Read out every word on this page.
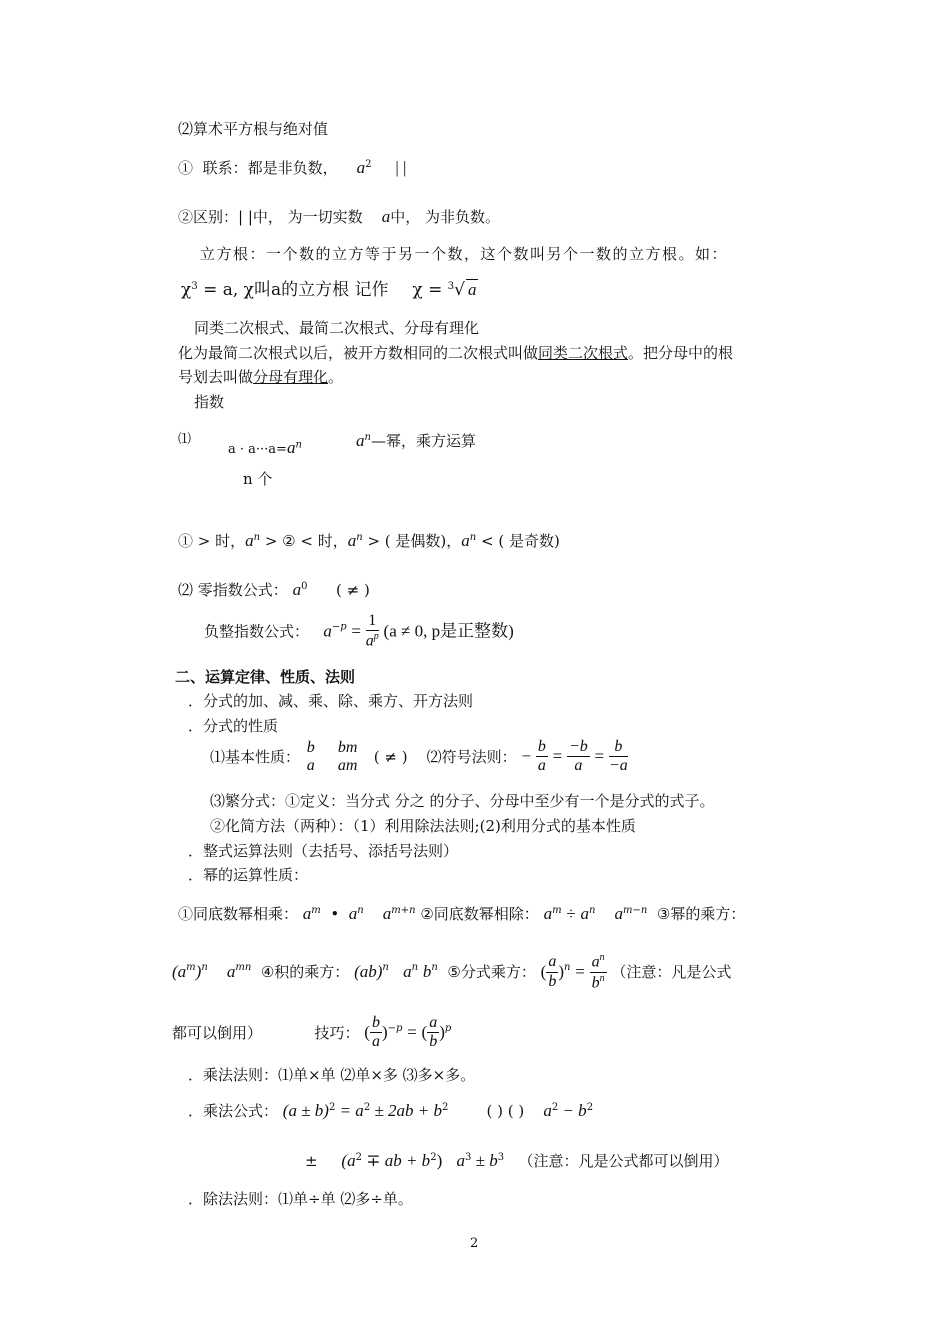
⑵算术平方根与绝对值
① 联系：都是非负数， $a^2$ | |
②区别：| |中， 为一切实数 a中， 为非负数。
立方根：一个数的立方等于另一个数，这个数叫另个一数的立方根。如：
$\chi^3 = a$, χ叫a的立方根 记作 χ = $^3$√ a
同类二次根式、最简二次根式、分母有理化
化为最简二次根式以后，被开方数相同的二次根式叫做同类二次根式。把分母中的根
号划去叫做分母有理化。
指数
⑴
$a \cdot a\cdot\cdot\cdot a=a^n$	$a^n—$幂，乘方运算
n 个
① > 时，$a^n$ > ② < 时，$a^n$ > ( 是偶数)，$a^n$ < ( 是奇数)
⑵ 零指数公式： $a^0$ ( ≠ )
负整指数公式： $a^{-p} = \frac{1}{a^p} (a \ne 0$, p是正整数)
二、运算定律、性质、法则
．分式的加、减、乘、除、乘方、开方法则
．分式的性质
⑴基本性质：
b
a

bm
am ( ≠ ) ⑵符号法则： − $\frac{b}{a} = \frac{-b}{a} = \frac{b}{-a}$
⑶繁分式：①定义：当分式 分之 的分子、分母中至少有一个是分式的式子。
②化简方法（两种）：（1）利用除法法则;(2)利用分式的基本性质
．整式运算法则（去括号、添括号法则）
．幂的运算性质：
①同底数幂相乘： $a^m$ • $a^n$ $a^{m+n}$ ②同底数幂相除： $a^m \div a^n$ $a^{m-n}$ ③幂的乘方：
$(a^m)^n$ $a^{mn}$ ④积的乘方： (ab)$^n$ $a^n$ $b^n$ ⑤分式乘方： ( $\frac{a}{b} )^n = \frac{a^n}{b^n}$ （注意：凡是公式
都可以倒用）	技巧： ( $\frac{b}{a} )^{-p}$ = ( $\frac{a}{b} )^p$
．乘法法则：⑴单×单 ⑵单×多 ⑶多×多。
．乘法公式： $(a \pm b)^2 = a^2 \pm 2ab + b^2$	( ) ( ) $a^2 - b^2$
± ($a^2$ ∓ ab + $b^2$) $a^3 \pm b^3$ （注意：凡是公式都可以倒用）
．除法法则：⑴单÷单 ⑵多÷单。
2
